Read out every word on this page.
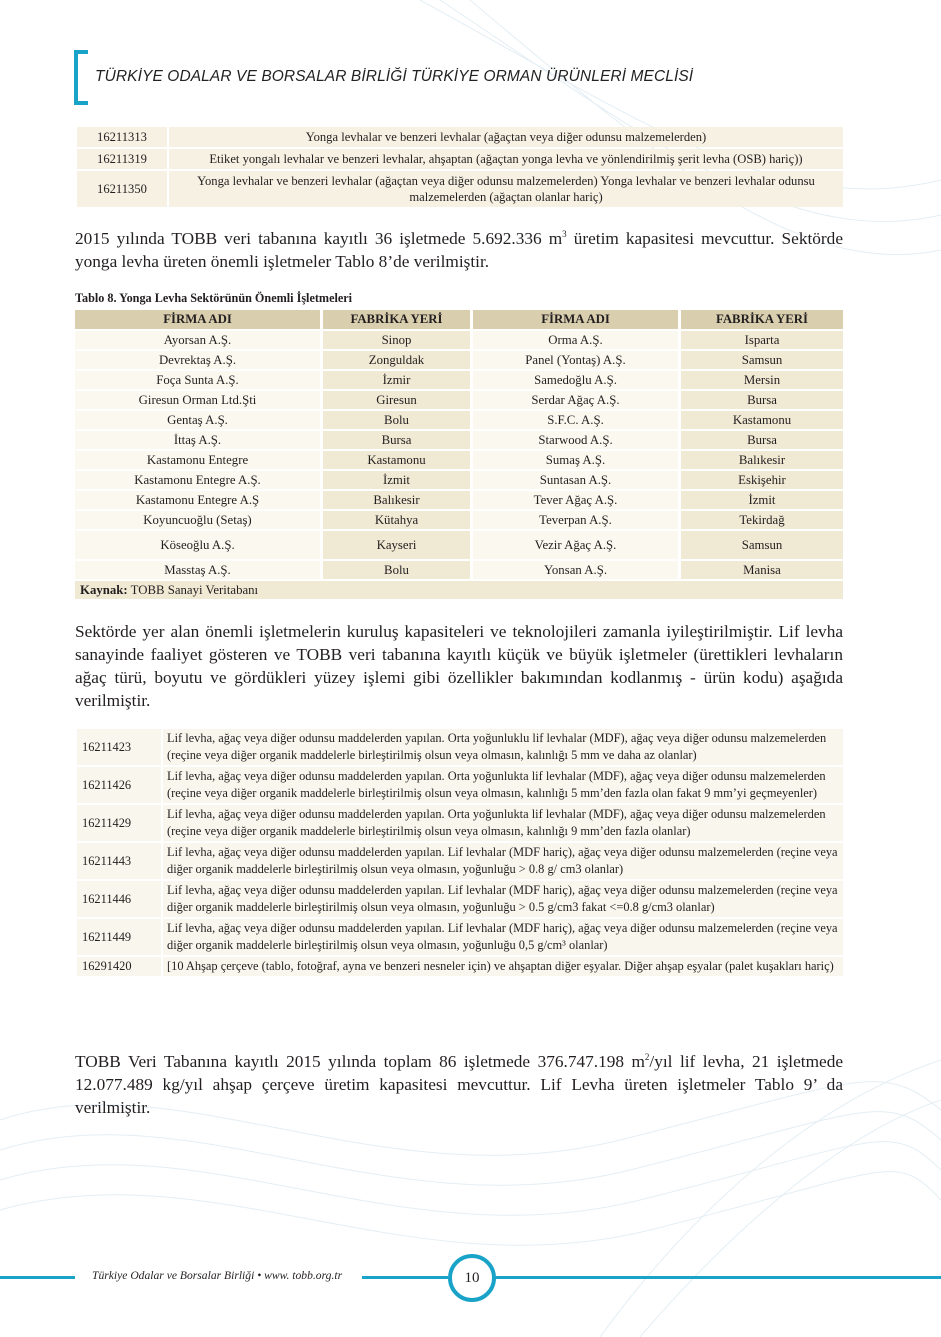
TÜRKİYE ODALAR VE BORSALAR BİRLİĞİ TÜRKİYE ORMAN ÜRÜNLERİ MECLİSİ
16211313	Yonga levhalar ve benzeri levhalar (ağaçtan veya diğer odunsu malzemelerden)
16211319	Etiket yongalı levhalar ve benzeri levhalar, ahşaptan (ağaçtan yonga levha ve yönlendirilmiş şerit levha (OSB) hariç))
16211350	Yonga levhalar ve benzeri levhalar (ağaçtan veya diğer odunsu malzemelerden) Yonga levhalar ve benzeri levhalar odunsu malzemelerden (ağaçtan olanlar hariç)
2015 yılında TOBB veri tabanına kayıtlı 36 işletmede 5.692.336 $m^3$ üretim kapasitesi mevcuttur. Sektörde yonga levha üreten önemli işletmeler Tablo 8’de verilmiştir.
Tablo 8. Yonga Levha Sektörünün Önemli İşletmeleri
FİRMA ADI	FABRİKA YERİ	FİRMA ADI	FABRİKA YERİ
Ayorsan A.Ş.	Sinop	Orma A.Ş.	Isparta
Devrektaş A.Ş.	Zonguldak	Panel (Yontaş) A.Ş.	Samsun
Foça Sunta A.Ş.	İzmir	Samedoğlu A.Ş.	Mersin
Giresun Orman Ltd.Şti	Giresun	Serdar Ağaç A.Ş.	Bursa
Gentaş A.Ş.	Bolu	S.F.C. A.Ş.	Kastamonu
İttaş A.Ş.	Bursa	Starwood A.Ş.	Bursa
Kastamonu Entegre	Kastamonu	Sumaş A.Ş.	Balıkesir
Kastamonu Entegre A.Ş.	İzmit	Suntasan A.Ş.	Eskişehir
Kastamonu Entegre A.Ş	Balıkesir	Tever Ağaç A.Ş.	İzmit
Koyuncuoğlu (Setaş)	Kütahya	Teverpan A.Ş.	Tekirdağ
Köseoğlu A.Ş.	Kayseri	Vezir Ağaç A.Ş.	Samsun
Masstaş A.Ş.	Bolu	Yonsan A.Ş.	Manisa
Kaynak: TOBB Sanayi Veritabanı			
Sektörde yer alan önemli işletmelerin kuruluş kapasiteleri ve teknolojileri zamanla iyileştirilmiştir. Lif levha sanayinde faaliyet gösteren ve TOBB veri tabanına kayıtlı küçük ve büyük işletmeler (ürettikleri levhaların ağaç türü, boyutu ve gördükleri yüzey işlemi gibi özellikler bakımından kodlanmış - ürün kodu) aşağıda verilmiştir.
16211423	Lif levha, ağaç veya diğer odunsu maddelerden yapılan. Orta yoğunluklu lif levhalar (MDF), ağaç veya diğer odunsu malzemelerden (reçine veya diğer organik maddelerle birleştirilmiş olsun veya olmasın, kalınlığı 5 mm ve daha az olanlar)
16211426	Lif levha, ağaç veya diğer odunsu maddelerden yapılan. Orta yoğunlukta lif levhalar (MDF), ağaç veya diğer odunsu malzemelerden (reçine veya diğer organik maddelerle birleştirilmiş olsun veya olmasın, kalınlığı 5 mm’den fazla olan fakat 9 mm’yi geçmeyenler)
16211429	Lif levha, ağaç veya diğer odunsu maddelerden yapılan. Orta yoğunlukta lif levhalar (MDF), ağaç veya diğer odunsu malzemelerden (reçine veya diğer organik maddelerle birleştirilmiş olsun veya olmasın, kalınlığı 9 mm’den fazla olanlar)
16211443	Lif levha, ağaç veya diğer odunsu maddelerden yapılan. Lif levhalar (MDF hariç), ağaç veya diğer odunsu malzemelerden (reçine veya diğer organik maddelerle birleştirilmiş olsun veya olmasın, yoğunluğu > 0.8 g/ cm3 olanlar)
16211446	Lif levha, ağaç veya diğer odunsu maddelerden yapılan. Lif levhalar (MDF hariç), ağaç veya diğer odunsu malzemelerden (reçine veya diğer organik maddelerle birleştirilmiş olsun veya olmasın, yoğunluğu > 0.5 g/cm3 fakat <=0.8 g/cm3 olanlar)
16211449	Lif levha, ağaç veya diğer odunsu maddelerden yapılan. Lif levhalar (MDF hariç), ağaç veya diğer odunsu malzemelerden (reçine veya diğer organik maddelerle birleştirilmiş olsun veya olmasın, yoğunluğu 0,5 g/cm³ olanlar)
16291420	[10 Ahşap çerçeve (tablo, fotoğraf, ayna ve benzeri nesneler için) ve ahşaptan diğer eşyalar. Diğer ahşap eşyalar (palet kuşakları hariç)
TOBB Veri Tabanına kayıtlı 2015 yılında toplam 86 işletmede 376.747.198 $m^2$/yıl lif levha, 21 işletmede 12.077.489 kg/yıl ahşap çerçeve üretim kapasitesi mevcuttur. Lif Levha üreten işletmeler Tablo 9’ da verilmiştir.
Türkiye Odalar ve Borsalar Birliği • www. tobb.org.tr	10
